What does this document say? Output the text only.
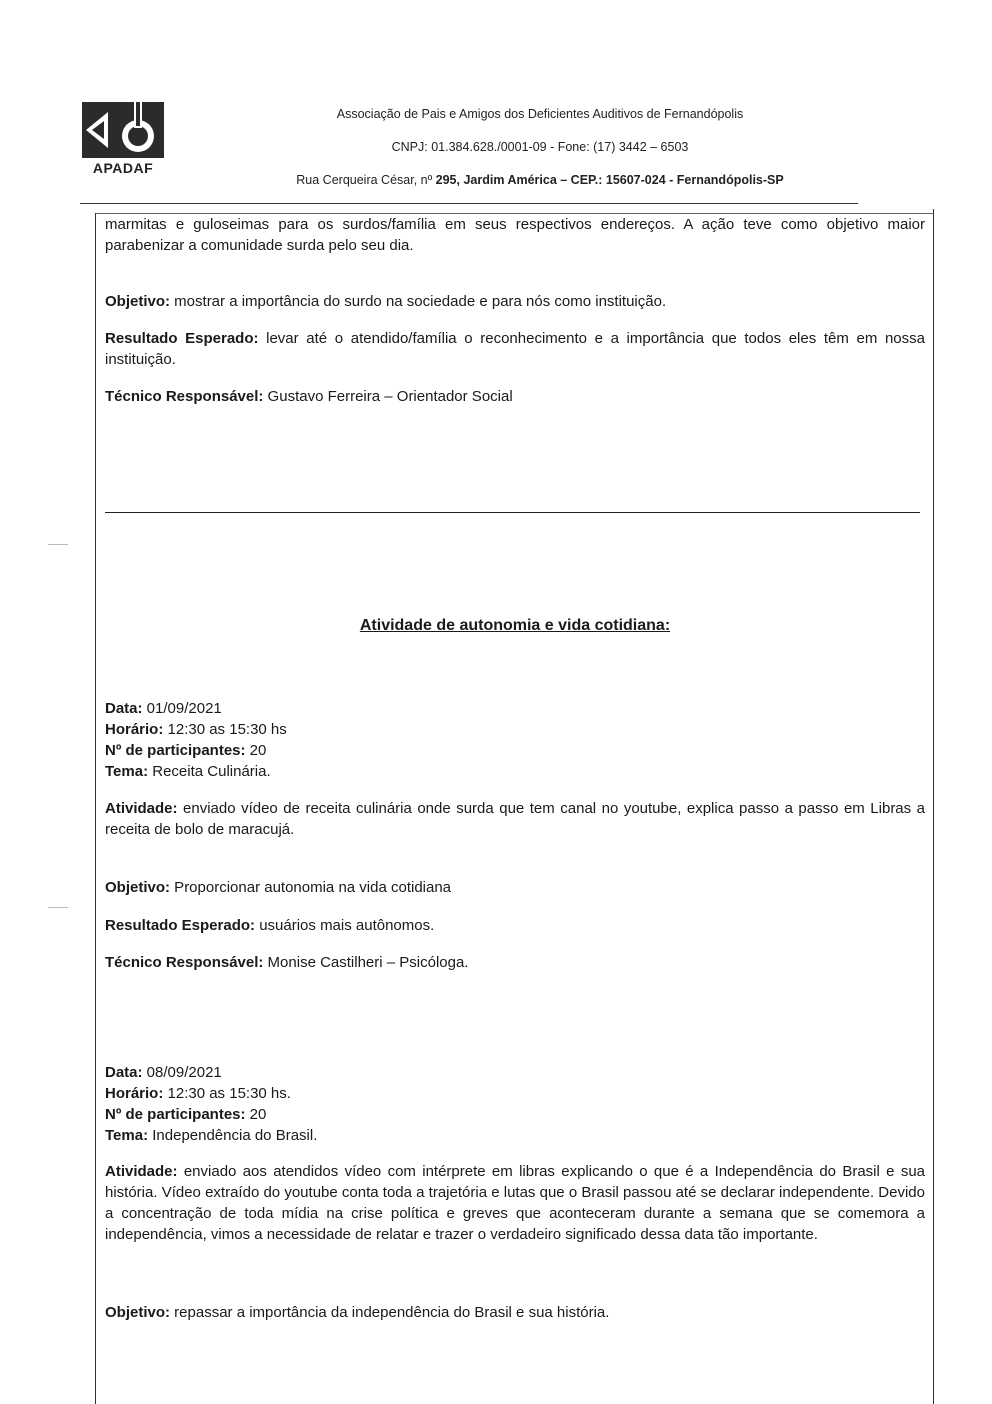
APADAF
Associação de Pais e Amigos dos Deficientes Auditivos de Fernandópolis
CNPJ: 01.384.628./0001-09 - Fone: (17) 3442 – 6503
Rua Cerqueira César, nº 295, Jardim América – CEP.: 15607-024 - Fernandópolis-SP
marmitas e guloseimas para os surdos/família em seus respectivos endereços. A ação teve como objetivo maior parabenizar a comunidade surda pelo seu dia.
Objetivo: mostrar a importância do surdo na sociedade e para nós como instituição.
Resultado Esperado: levar até o atendido/família o reconhecimento e a importância que todos eles têm em nossa instituição.
Técnico Responsável: Gustavo Ferreira – Orientador Social
Atividade de autonomia e vida cotidiana:
Data: 01/09/2021
Horário: 12:30 as 15:30 hs
Nº de participantes: 20
Tema: Receita Culinária.
Atividade: enviado vídeo de receita culinária onde surda que tem canal no youtube, explica passo a passo em Libras a receita de bolo de maracujá.
Objetivo: Proporcionar autonomia na vida cotidiana
Resultado Esperado: usuários mais autônomos.
Técnico Responsável: Monise Castilheri – Psicóloga.
Data: 08/09/2021
Horário: 12:30 as 15:30 hs.
Nº de participantes: 20
Tema: Independência do Brasil.
Atividade: enviado aos atendidos vídeo com intérprete em libras explicando o que é a Independência do Brasil e sua história. Vídeo extraído do youtube conta toda a trajetória e lutas que o Brasil passou até se declarar independente. Devido a concentração de toda mídia na crise política e greves que aconteceram durante a semana que se comemora a independência, vimos a necessidade de relatar e trazer o verdadeiro significado dessa data tão importante.
Objetivo: repassar a importância da independência do Brasil e sua história.
